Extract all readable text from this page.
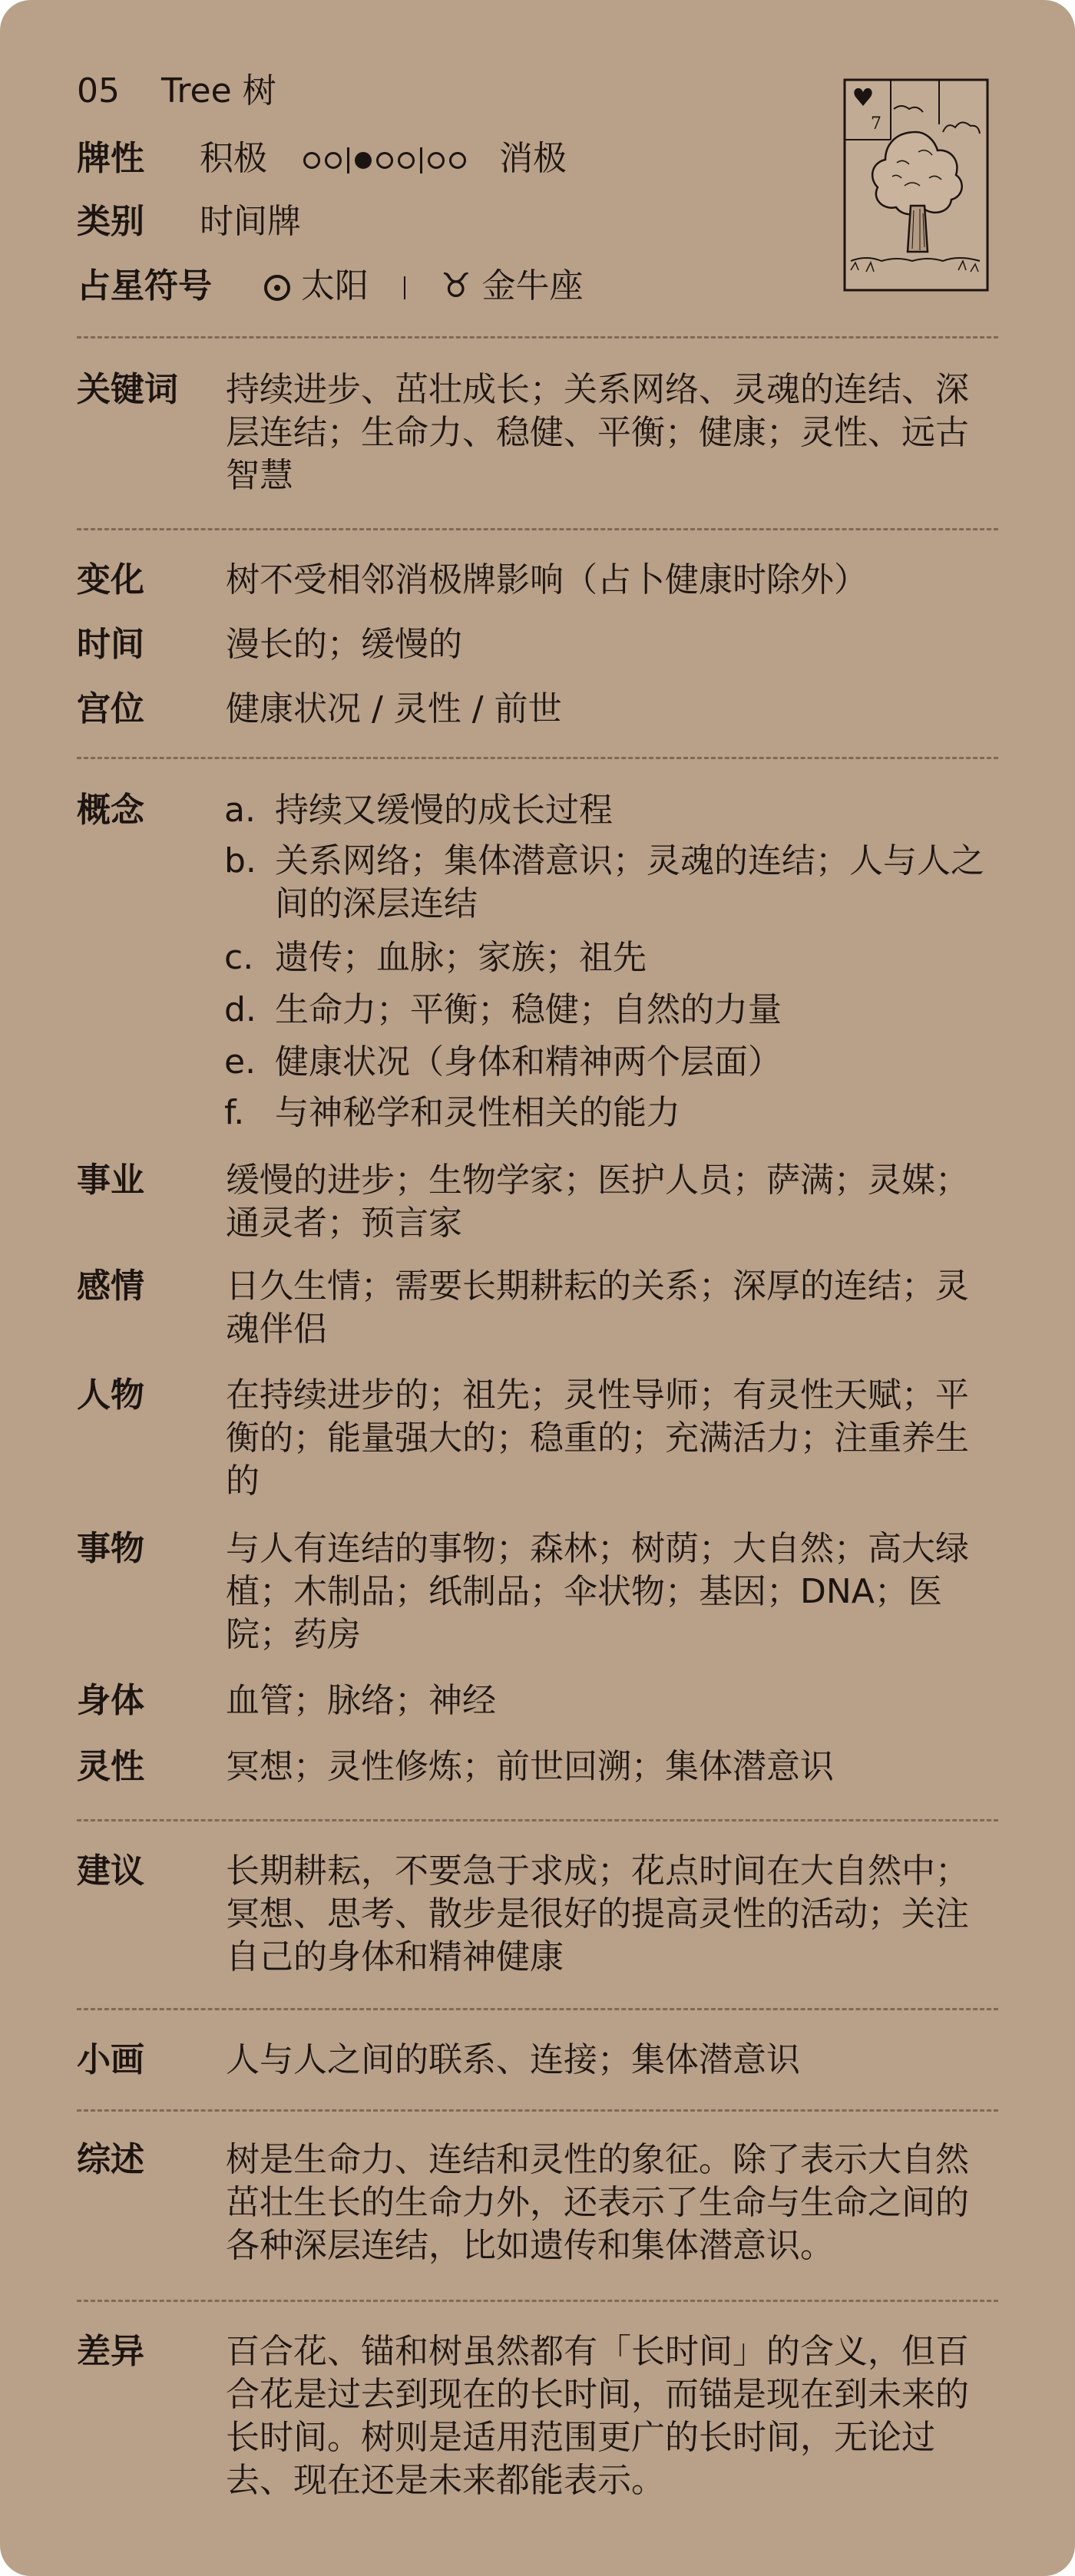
05 Tree 树
牌性 积极	消极
类别 时间牌
占星符号	太阳 ♉ 金牛座
7
关键词 持续进步、茁壮成长；关系网络、灵魂的连结、深层连结；生命力、稳健、平衡；健康；灵性、远古智慧
变化 树不受相邻消极牌影响（占卜健康时除外）
时间 漫长的；缓慢的
宫位 健康状况 / 灵性 / 前世
概念 a. 持续又缓慢的成长过程
b. 关系网络；集体潜意识；灵魂的连结；人与人之间的深层连结
c. 遗传；血脉；家族；祖先
d. 生命力；平衡；稳健；自然的力量
e. 健康状况（身体和精神两个层面）
f. 与神秘学和灵性相关的能力
事业 缓慢的进步；生物学家；医护人员；萨满；灵媒；通灵者；预言家
感情 日久生情；需要长期耕耘的关系；深厚的连结；灵魂伴侣
人物 在持续进步的；祖先；灵性导师；有灵性天赋；平衡的；能量强大的；稳重的；充满活力；注重养生的
事物 与人有连结的事物；森林；树荫；大自然；高大绿植；木制品；纸制品；伞状物；基因；DNA；医院；药房
身体 血管；脉络；神经
灵性 冥想；灵性修炼；前世回溯；集体潜意识
建议 长期耕耘，不要急于求成；花点时间在大自然中；冥想、思考、散步是很好的提高灵性的活动；关注自己的身体和精神健康
小画 人与人之间的联系、连接；集体潜意识
综述 树是生命力、连结和灵性的象征。除了表示大自然茁壮生长的生命力外，还表示了生命与生命之间的各种深层连结，比如遗传和集体潜意识。
差异 百合花、锚和树虽然都有「长时间」的含义，但百合花是过去到现在的长时间，而锚是现在到未来的长时间。树则是适用范围更广的长时间，无论过去、现在还是未来都能表示。
